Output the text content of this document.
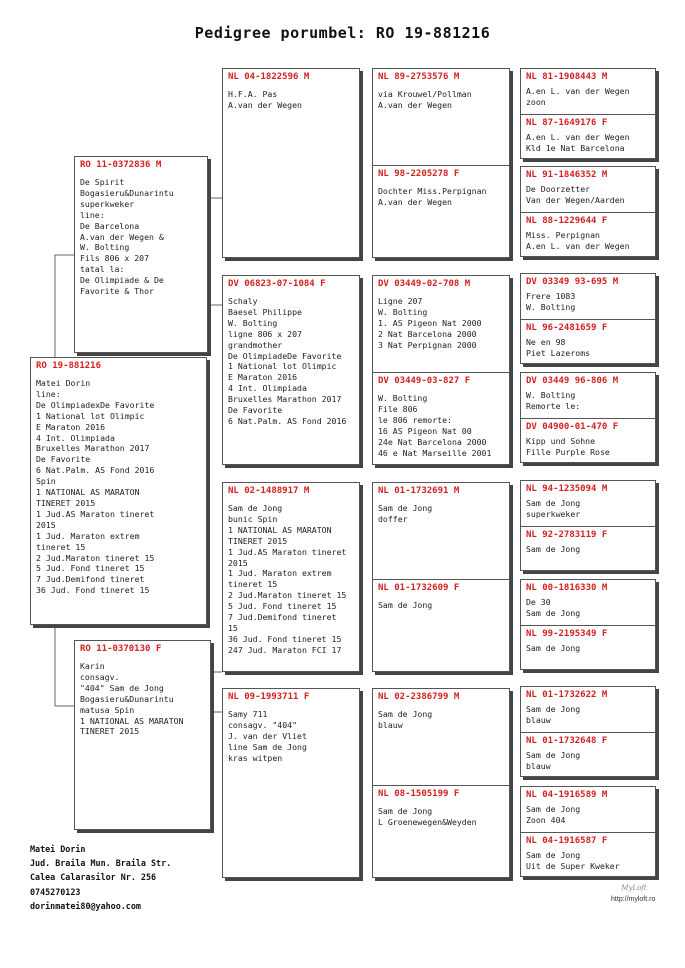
Pedigree porumbel: RO 19-881216
RO 19-881216
Matei Dorin
line:
De OlimpiadexDe Favorite
1 National lot Olimpic
E Maraton 2016
4 Int. Olimpiada
Bruxelles Marathon 2017
De Favorite
6 Nat.Palm. AS Fond 2016
Spin
1 NATIONAL AS MARATON
TINERET 2015
1 Jud.AS Maraton tineret
2015
1 Jud. Maraton extrem
tineret 15
2 Jud.Maraton tineret 15
5 Jud. Fond tineret 15
7 Jud.Demifond tineret
36 Jud. Fond tineret 15
RO 11-0372836 M
De Spirit
Bogasieru&Dunarintu
superkweker
line:
De Barcelona
A.van der Wegen &
W. Bolting
Fils 806 x 207
tatal la:
De Olimpiade & De
Favorite & Thor
RO 11-0370130 F
Karin
consagv.
"404" Sam de Jong
Bogasieru&Dunarintu
matusa Spin
1 NATIONAL AS MARATON
TINERET 2015
NL 04-1822596 M
H.F.A. Pas
A.van der Wegen
DV 06823-07-1084 F
Schaly
Baesel Philippe
W. Bolting
ligne 806 x 207
grandmother
De OlimpiadeDe Favorite
1 National lot Olimpic
E Maraton 2016
4 Int. Olimpiada
Bruxelles Marathon 2017
De Favorite
6 Nat.Palm. AS Fond 2016
NL 02-1488917 M
Sam de Jong
bunic Spin
1 NATIONAL AS MARATON
TINERET 2015
1 Jud.AS Maraton tineret
2015
1 Jud. Maraton extrem
tineret 15
2 Jud.Maraton tineret 15
5 Jud. Fond tineret 15
7 Jud.Demifond tineret
15
36 Jud. Fond tineret 15
247 Jud. Maraton FCI 17
NL 09-1993711 F
Samy 711
consagv. "404"
J. van der Vliet
line Sam de Jong
kras witpen
NL 89-2753576 M
via Krouwel/Pollman
A.van der Wegen
NL 98-2205278 F
Dochter Miss.Perpignan
A.van der Wegen
DV 03449-02-708 M
Ligne 207
W. Bolting
1. AS Pigeon Nat 2000
2 Nat Barcelona 2000
3 Nat Perpignan 2000
DV 03449-03-827 F
W. Bolting
File 806
le 806 remorte:
16 AS Pigeon Nat 00
24e Nat Barcelona 2000
46 e Nat Marseille 2001
NL 01-1732691 M
Sam de Jong
doffer
NL 01-1732609 F
Sam de Jong
NL 02-2386799 M
Sam de Jong
blauw
NL 08-1505199 F
Sam de Jong
L Groenewegen&Weyden
NL 81-1908443 M
A.en L. van der Wegen
zoon
NL 87-1649176 F
A.en L. van der Wegen
Kld 1e Nat Barcelona
NL 91-1846352 M
De Doorzetter
Van der Wegen/Aarden
NL 88-1229644 F
Miss. Perpignan
A.en L. van der Wegen
DV 03349 93-695 M
Frere 1083
W. Bolting
NL 96-2481659 F
Ne en 98
Piet Lazeroms
DV 03449 96-806 M
W. Bolting
Remorte le:
DV 04900-01-470 F
Kipp und Sohne
Fille Purple Rose
NL 94-1235094 M
Sam de Jong
superkweker
NL 92-2783119 F
Sam de Jong
NL 00-1816330 M
De 30
Sam de Jong
NL 99-2195349 F
Sam de Jong
NL 01-1732622 M
Sam de Jong
blauw
NL 01-1732648 F
Sam de Jong
blauw
NL 04-1916589 M
Sam de Jong
Zoon 404
NL 04-1916587 F
Sam de Jong
Uit de Super Kweker
Matei Dorin
Jud. Braila Mun. Braila Str.
Calea Calarasilor Nr. 256
0745270123
dorinmatei80@yahoo.com
MyLoft
http://myloft.ro
